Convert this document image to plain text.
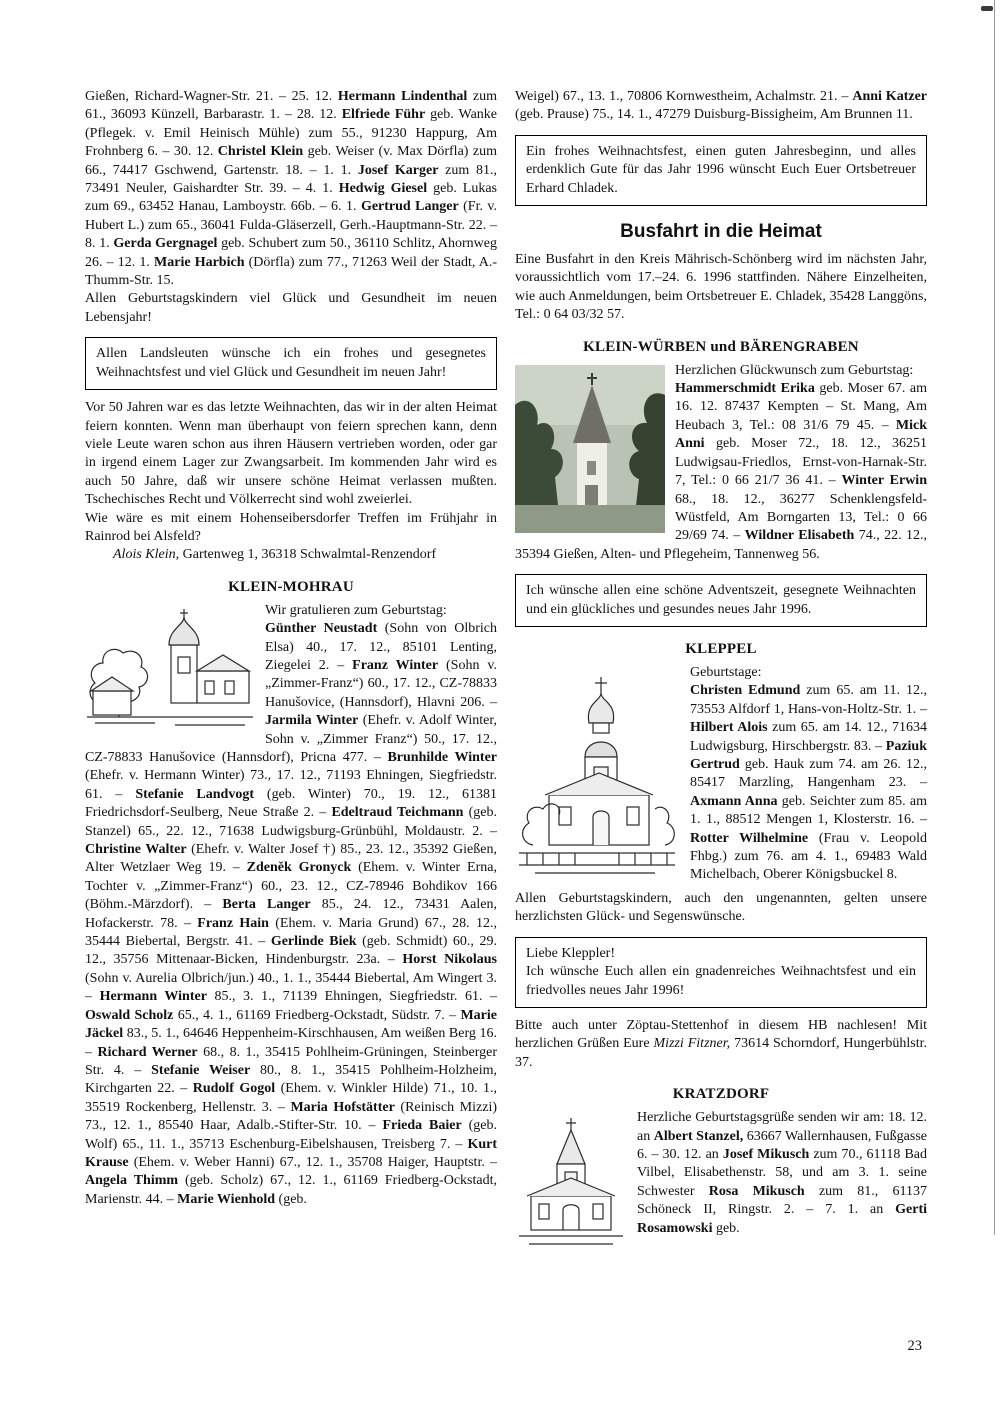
Gießen, Richard-Wagner-Str. 21. – 25. 12. Hermann Lindenthal zum 61., 36093 Künzell, Barbarastr. 1. – 28. 12. Elfriede Führ geb. Wanke (Pflegek. v. Emil Heinisch Mühle) zum 55., 91230 Happurg, Am Frohnberg 6. – 30. 12. Christel Klein geb. Weiser (v. Max Dörfla) zum 66., 74417 Gschwend, Gartenstr. 18. – 1. 1. Josef Karger zum 81., 73491 Neuler, Gaishardter Str. 39. – 4. 1. Hedwig Giesel geb. Lukas zum 69., 63452 Hanau, Lamboystr. 66b. – 6. 1. Gertrud Langer (Fr. v. Hubert L.) zum 65., 36041 Fulda-Gläserzell, Gerh.-Hauptmann-Str. 22. – 8. 1. Gerda Gergnagel geb. Schubert zum 50., 36110 Schlitz, Ahornweg 26. – 12. 1. Marie Harbich (Dörfla) zum 77., 71263 Weil der Stadt, A.-Thumm-Str. 15.

Allen Geburtstagskindern viel Glück und Gesundheit im neuen Lebensjahr!

Allen Landsleuten wünsche ich ein frohes und gesegnetes Weihnachtsfest und viel Glück und Gesundheit im neuen Jahr!

Vor 50 Jahren war es das letzte Weihnachten, das wir in der alten Heimat feiern konnten. Wenn man überhaupt von feiern sprechen kann, denn viele Leute waren schon aus ihren Häusern vertrieben worden, oder gar in irgend einem Lager zur Zwangsarbeit. Im kommenden Jahr wird es auch 50 Jahre, daß wir unsere schöne Heimat verlassen mußten. Tschechisches Recht und Völkerrecht sind wohl zweierlei.

Wie wäre es mit einem Hohenseibersdorfer Treffen im Frühjahr in Rainrod bei Alsfeld?

Alois Klein, Gartenweg 1, 36318 Schwalmtal-Renzendorf

KLEIN-MOHRAU

Wir gratulieren zum Geburtstag:

Günther Neustadt (Sohn von Olbrich Elsa) 40., 17. 12., 85101 Lenting, Ziegelei 2. – Franz Winter (Sohn v. „Zimmer-Franz“) 60., 17. 12., CZ-78833 Hanušovice, (Hannsdorf), Hlavni 206. – Jarmila Winter (Ehefr. v. Adolf Winter, Sohn v. „Zimmer Franz“) 50., 17. 12., CZ-78833 Hanušovice (Hannsdorf), Pricna 477. – Brunhilde Winter (Ehefr. v. Hermann Winter) 73., 17. 12., 71193 Ehningen, Siegfriedstr. 61. – Stefanie Landvogt (geb. Winter) 70., 19. 12., 61381 Friedrichsdorf-Seulberg, Neue Straße 2. – Edeltraud Teichmann (geb. Stanzel) 65., 22. 12., 71638 Ludwigsburg-Grünbühl, Moldaustr. 2. – Christine Walter (Ehefr. v. Walter Josef †) 85., 23. 12., 35392 Gießen, Alter Wetzlaer Weg 19. – Zdeněk Gronyck (Ehem. v. Winter Erna, Tochter v. „Zimmer-Franz“) 60., 23. 12., CZ-78946 Bohdikov 166 (Böhm.-Märzdorf). – Berta Langer 85., 24. 12., 73431 Aalen, Hofackerstr. 78. – Franz Hain (Ehem. v. Maria Grund) 67., 28. 12., 35444 Biebertal, Bergstr. 41. – Gerlinde Biek (geb. Schmidt) 60., 29. 12., 35756 Mittenaar-Bicken, Hindenburgstr. 23a. – Horst Nikolaus (Sohn v. Aurelia Olbrich/jun.) 40., 1. 1., 35444 Biebertal, Am Wingert 3. – Hermann Winter 85., 3. 1., 71139 Ehningen, Siegfriedstr. 61. – Oswald Scholz 65., 4. 1., 61169 Friedberg-Ockstadt, Südstr. 7. – Marie Jäckel 83., 5. 1., 64646 Heppenheim-Kirschhausen, Am weißen Berg 16. – Richard Werner 68., 8. 1., 35415 Pohlheim-Grüningen, Steinberger Str. 4. – Stefanie Weiser 80., 8. 1., 35415 Pohlheim-Holzheim, Kirchgarten 22. – Rudolf Gogol (Ehem. v. Winkler Hilde) 71., 10. 1., 35519 Rockenberg, Hellenstr. 3. – Maria Hofstätter (Reinisch Mizzi) 73., 12. 1., 85540 Haar, Adalb.-Stifter-Str. 10. – Frieda Baier (geb. Wolf) 65., 11. 1., 35713 Eschenburg-Eibelshausen, Treisberg 7. – Kurt Krause (Ehem. v. Weber Hanni) 67., 12. 1., 35708 Haiger, Hauptstr. – Angela Thimm (geb. Scholz) 67., 12. 1., 61169 Friedberg-Ockstadt, Marienstr. 44. – Marie Wienhold (geb.

Weigel) 67., 13. 1., 70806 Kornwestheim, Achalmstr. 21. – Anni Katzer (geb. Prause) 75., 14. 1., 47279 Duisburg-Bissigheim, Am Brunnen 11.

Ein frohes Weihnachtsfest, einen guten Jahresbeginn, und alles erdenklich Gute für das Jahr 1996 wünscht Euch Euer Ortsbetreuer Erhard Chladek.

Busfahrt in die Heimat

Eine Busfahrt in den Kreis Mährisch-Schönberg wird im nächsten Jahr, voraussichtlich vom 17.–24. 6. 1996 stattfinden. Nähere Einzelheiten, wie auch Anmeldungen, beim Ortsbetreuer E. Chladek, 35428 Langgöns, Tel.: 0 64 03/32 57.

KLEIN-WÜRBEN und BÄRENGRABEN

Herzlichen Glückwunsch zum Geburtstag:

Hammerschmidt Erika geb. Moser 67. am 16. 12. 87437 Kempten – St. Mang, Am Heubach 3, Tel.: 08 31/6 79 45. – Mick Anni geb. Moser 72., 18. 12., 36251 Ludwigsau-Friedlos, Ernst-von-Harnak-Str. 7, Tel.: 0 66 21/7 36 41. – Winter Erwin 68., 18. 12., 36277 Schenklengsfeld-Wüstfeld, Am Borngarten 13, Tel.: 0 66 29/69 74. – Wildner Elisabeth 74., 22. 12., 35394 Gießen, Alten- und Pflegeheim, Tannenweg 56.

Ich wünsche allen eine schöne Adventszeit, gesegnete Weihnachten und ein glückliches und gesundes neues Jahr 1996.

KLEPPEL

Geburtstage:

Christen Edmund zum 65. am 11. 12., 73553 Alfdorf 1, Hans-von-Holtz-Str. 1. – Hilbert Alois zum 65. am 14. 12., 71634 Ludwigsburg, Hirschbergstr. 83. – Paziuk Gertrud geb. Hauk zum 74. am 26. 12., 85417 Marzling, Hangenham 23. – Axmann Anna geb. Seichter zum 85. am 1. 1., 88512 Mengen 1, Klosterstr. 16. – Rotter Wilhelmine (Frau v. Leopold Fhbg.) zum 76. am 4. 1., 69483 Wald Michelbach, Oberer Königsbuckel 8.

Allen Geburtstagskindern, auch den ungenannten, gelten unsere herzlichsten Glück- und Segenswünsche.

Liebe Kleppler!

Ich wünsche Euch allen ein gnadenreiches Weihnachtsfest und ein friedvolles neues Jahr 1996!

Bitte auch unter Zöptau-Stettenhof in diesem HB nachlesen! Mit herzlichen Grüßen Eure Mizzi Fitzner, 73614 Schorndorf, Hungerbühlstr. 37.

KRATZDORF

Herzliche Geburtstagsgrüße senden wir am: 18. 12. an Albert Stanzel, 63667 Wallernhausen, Fußgasse 6. – 30. 12. an Josef Mikusch zum 70., 61118 Bad Vilbel, Elisabethenstr. 58, und am 3. 1. seine Schwester Rosa Mikusch zum 81., 61137 Schöneck II, Ringstr. 2. – 7. 1. an Gerti Rosamowski geb.

23
